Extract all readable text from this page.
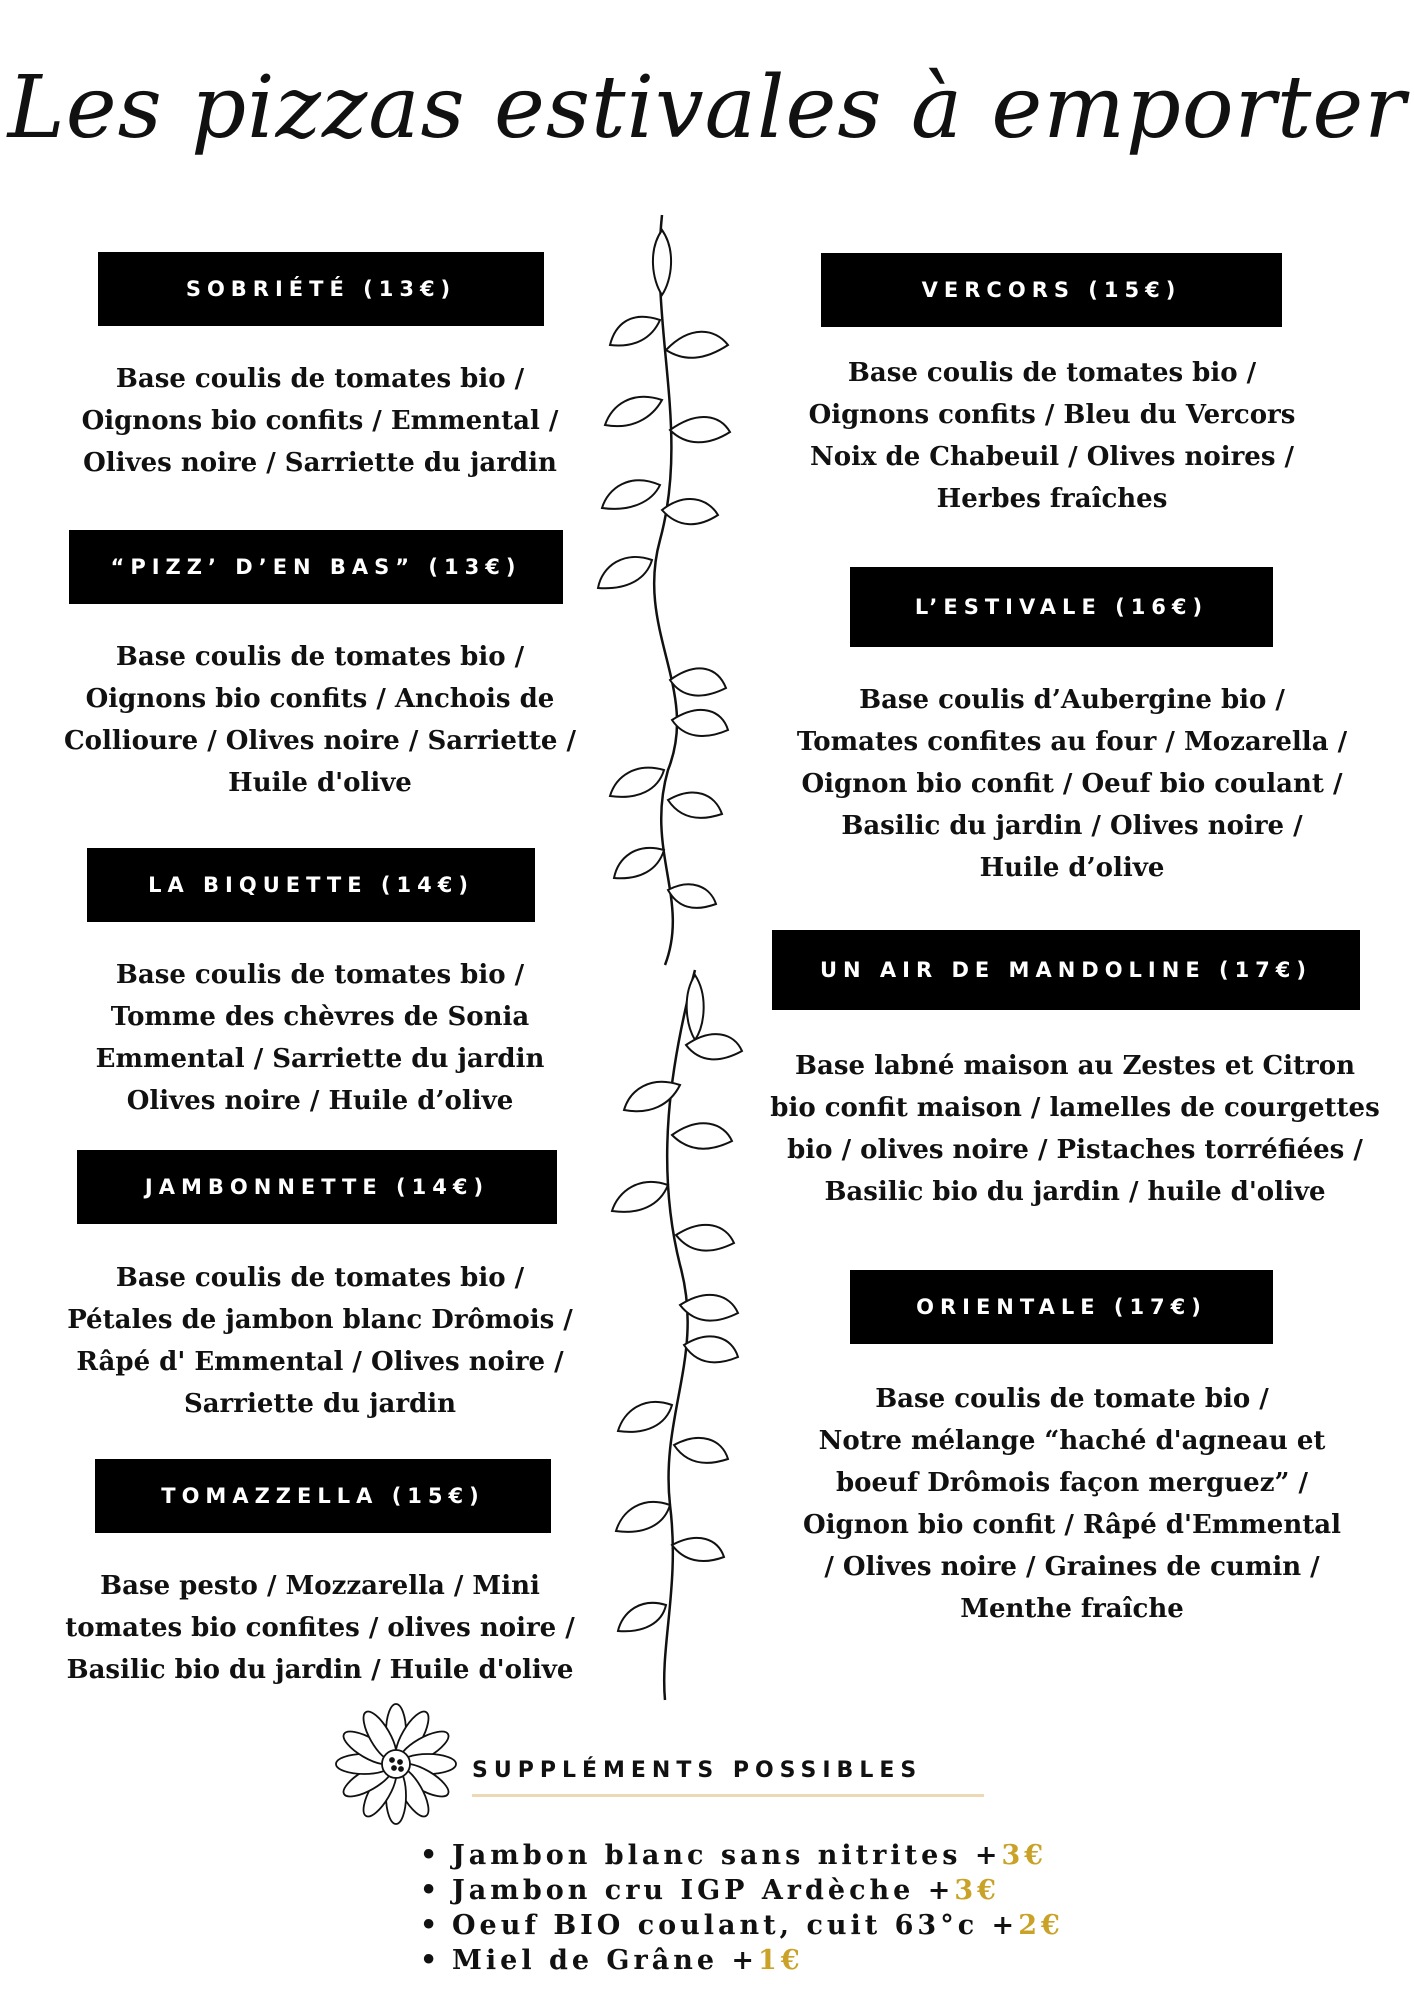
Les pizzas estivales à emporter
SOBRIÉTÉ (13€)
Base coulis de tomates bio /
Oignons bio confits / Emmental /
Olives noire / Sarriette du jardin
“PIZZ’ D’EN BAS” (13€)
Base coulis de tomates bio /
Oignons bio confits / Anchois de
Collioure / Olives noire / Sarriette /
Huile d'olive
LA BIQUETTE (14€)
Base coulis de tomates bio /
Tomme des chèvres de Sonia
Emmental / Sarriette du jardin
Olives noire / Huile d’olive
JAMBONNETTE (14€)
Base coulis de tomates bio /
Pétales de jambon blanc Drômois /
Râpé d' Emmental / Olives noire /
Sarriette du jardin
TOMAZZELLA (15€)
Base pesto / Mozzarella / Mini
tomates bio confites / olives noire /
Basilic bio du jardin / Huile d'olive
VERCORS (15€)
Base coulis de tomates bio /
Oignons confits / Bleu du Vercors
Noix de Chabeuil / Olives noires /
Herbes fraîches
L’ESTIVALE (16€)
Base coulis d’Aubergine bio /
Tomates confites au four / Mozarella /
Oignon bio confit / Oeuf bio coulant /
Basilic du jardin / Olives noire /
Huile d’olive
UN AIR DE MANDOLINE (17€)
Base labné maison au Zestes et Citron
bio confit maison / lamelles de courgettes
bio / olives noire / Pistaches torréfiées /
Basilic bio du jardin / huile d'olive
ORIENTALE (17€)
Base coulis de tomate bio /
Notre mélange “haché d'agneau et
boeuf Drômois façon merguez” /
Oignon bio confit / Râpé d'Emmental
/ Olives noire / Graines de cumin /
Menthe fraîche
SUPPLÉMENTS POSSIBLES
• Jambon blanc sans nitrites +3€
• Jambon cru IGP Ardèche +3€
• Oeuf BIO coulant, cuit 63°c +2€
• Miel de Grâne +1€
